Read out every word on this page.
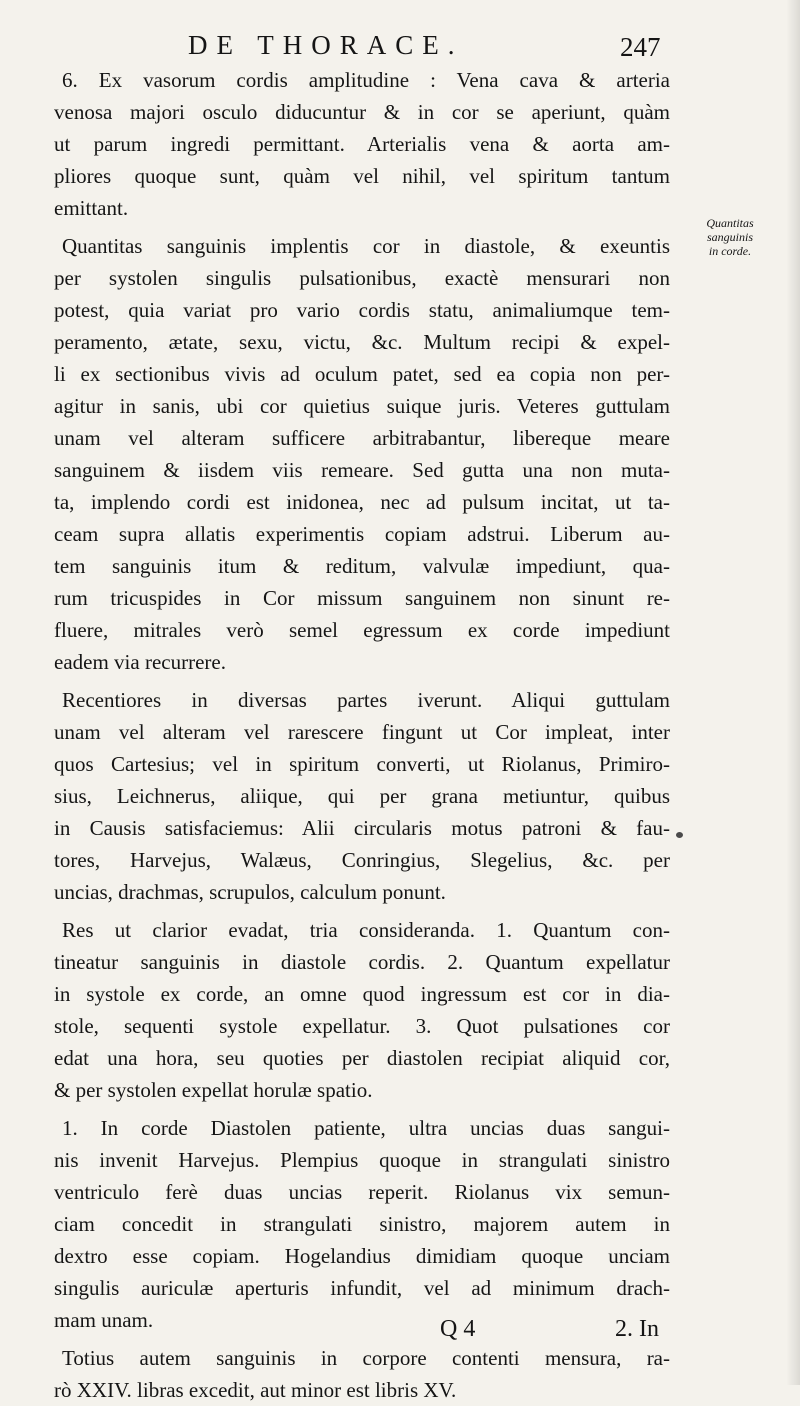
DE THORACE.	247
Quantitas
sanguinis
in corde.
6. Ex vasorum cordis amplitudine : Vena cava & arteria
venosa majori osculo diducuntur & in cor se aperiunt, quàm
ut parum ingredi permittant. Arterialis vena & aorta am-
pliores quoque sunt, quàm vel nihil, vel spiritum tantum
emittant.
Quantitas sanguinis implentis cor in diastole, & exeuntis
per systolen singulis pulsationibus, exactè mensurari non
potest, quia variat pro vario cordis statu, animaliumque tem-
peramento, ætate, sexu, victu, &c. Multum recipi & expel-
li ex sectionibus vivis ad oculum patet, sed ea copia non per-
agitur in sanis, ubi cor quietius suique juris. Veteres guttulam
unam vel alteram sufficere arbitrabantur, libereque meare
sanguinem & iisdem viis remeare. Sed gutta una non muta-
ta, implendo cordi est inidonea, nec ad pulsum incitat, ut ta-
ceam supra allatis experimentis copiam adstrui. Liberum au-
tem sanguinis itum & reditum, valvulæ impediunt, qua-
rum tricuspides in Cor missum sanguinem non sinunt re-
fluere, mitrales verò semel egressum ex corde impediunt
eadem via recurrere.
Recentiores in diversas partes iverunt. Aliqui guttulam
unam vel alteram vel rarescere fingunt ut Cor impleat, inter
quos Cartesius; vel in spiritum converti, ut Riolanus, Primiro-
sius, Leichnerus, aliique, qui per grana metiuntur, quibus
in Causis satisfaciemus: Alii circularis motus patroni & fau-
tores, Harvejus, Walæus, Conringius, Slegelius, &c. per
uncias, drachmas, scrupulos, calculum ponunt.
Res ut clarior evadat, tria consideranda. 1. Quantum con-
tineatur sanguinis in diastole cordis. 2. Quantum expellatur
in systole ex corde, an omne quod ingressum est cor in dia-
stole, sequenti systole expellatur. 3. Quot pulsationes cor
edat una hora, seu quoties per diastolen recipiat aliquid cor,
& per systolen expellat horulæ spatio.
1. In corde Diastolen patiente, ultra uncias duas sangui-
nis invenit Harvejus. Plempius quoque in strangulati sinistro
ventriculo ferè duas uncias reperit. Riolanus vix semun-
ciam concedit in strangulati sinistro, majorem autem in
dextro esse copiam. Hogelandius dimidiam quoque unciam
singulis auriculæ aperturis infundit, vel ad minimum drach-
mam unam.
Totius autem sanguinis in corpore contenti mensura, ra-
rò XXIV. libras excedit, aut minor est libris XV.
Q 4	2. In
